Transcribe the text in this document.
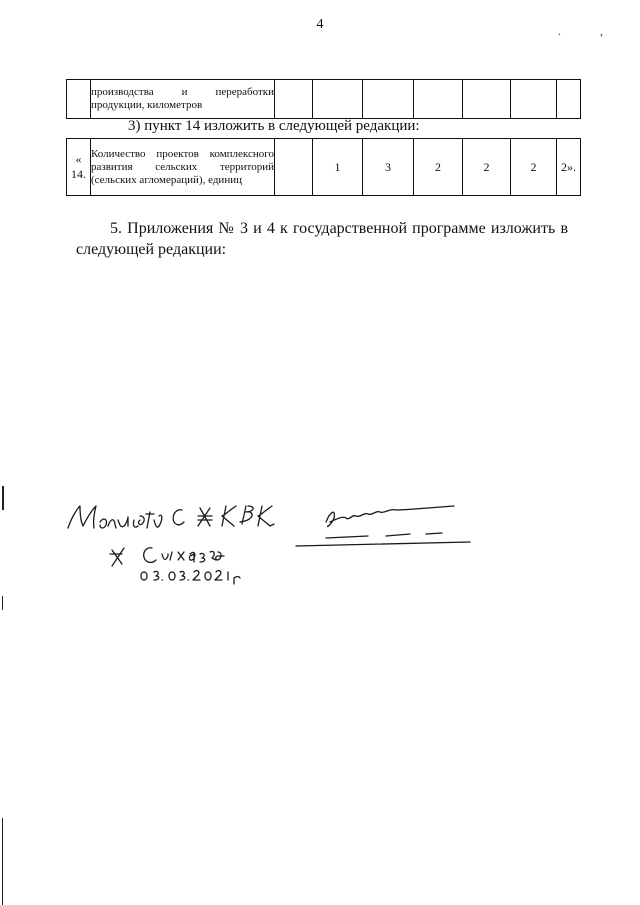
4	. ,
	производства и переработки продукции, километров							
3) пункт 14 изложить в следующей редакции:
« 14.	Количество проектов комплексного развития сельских территорий (сельских агломераций), единиц		1	3	2	2	2	2».
5. Приложения № 3 и 4 к государственной программе изложить в следующей редакции:
